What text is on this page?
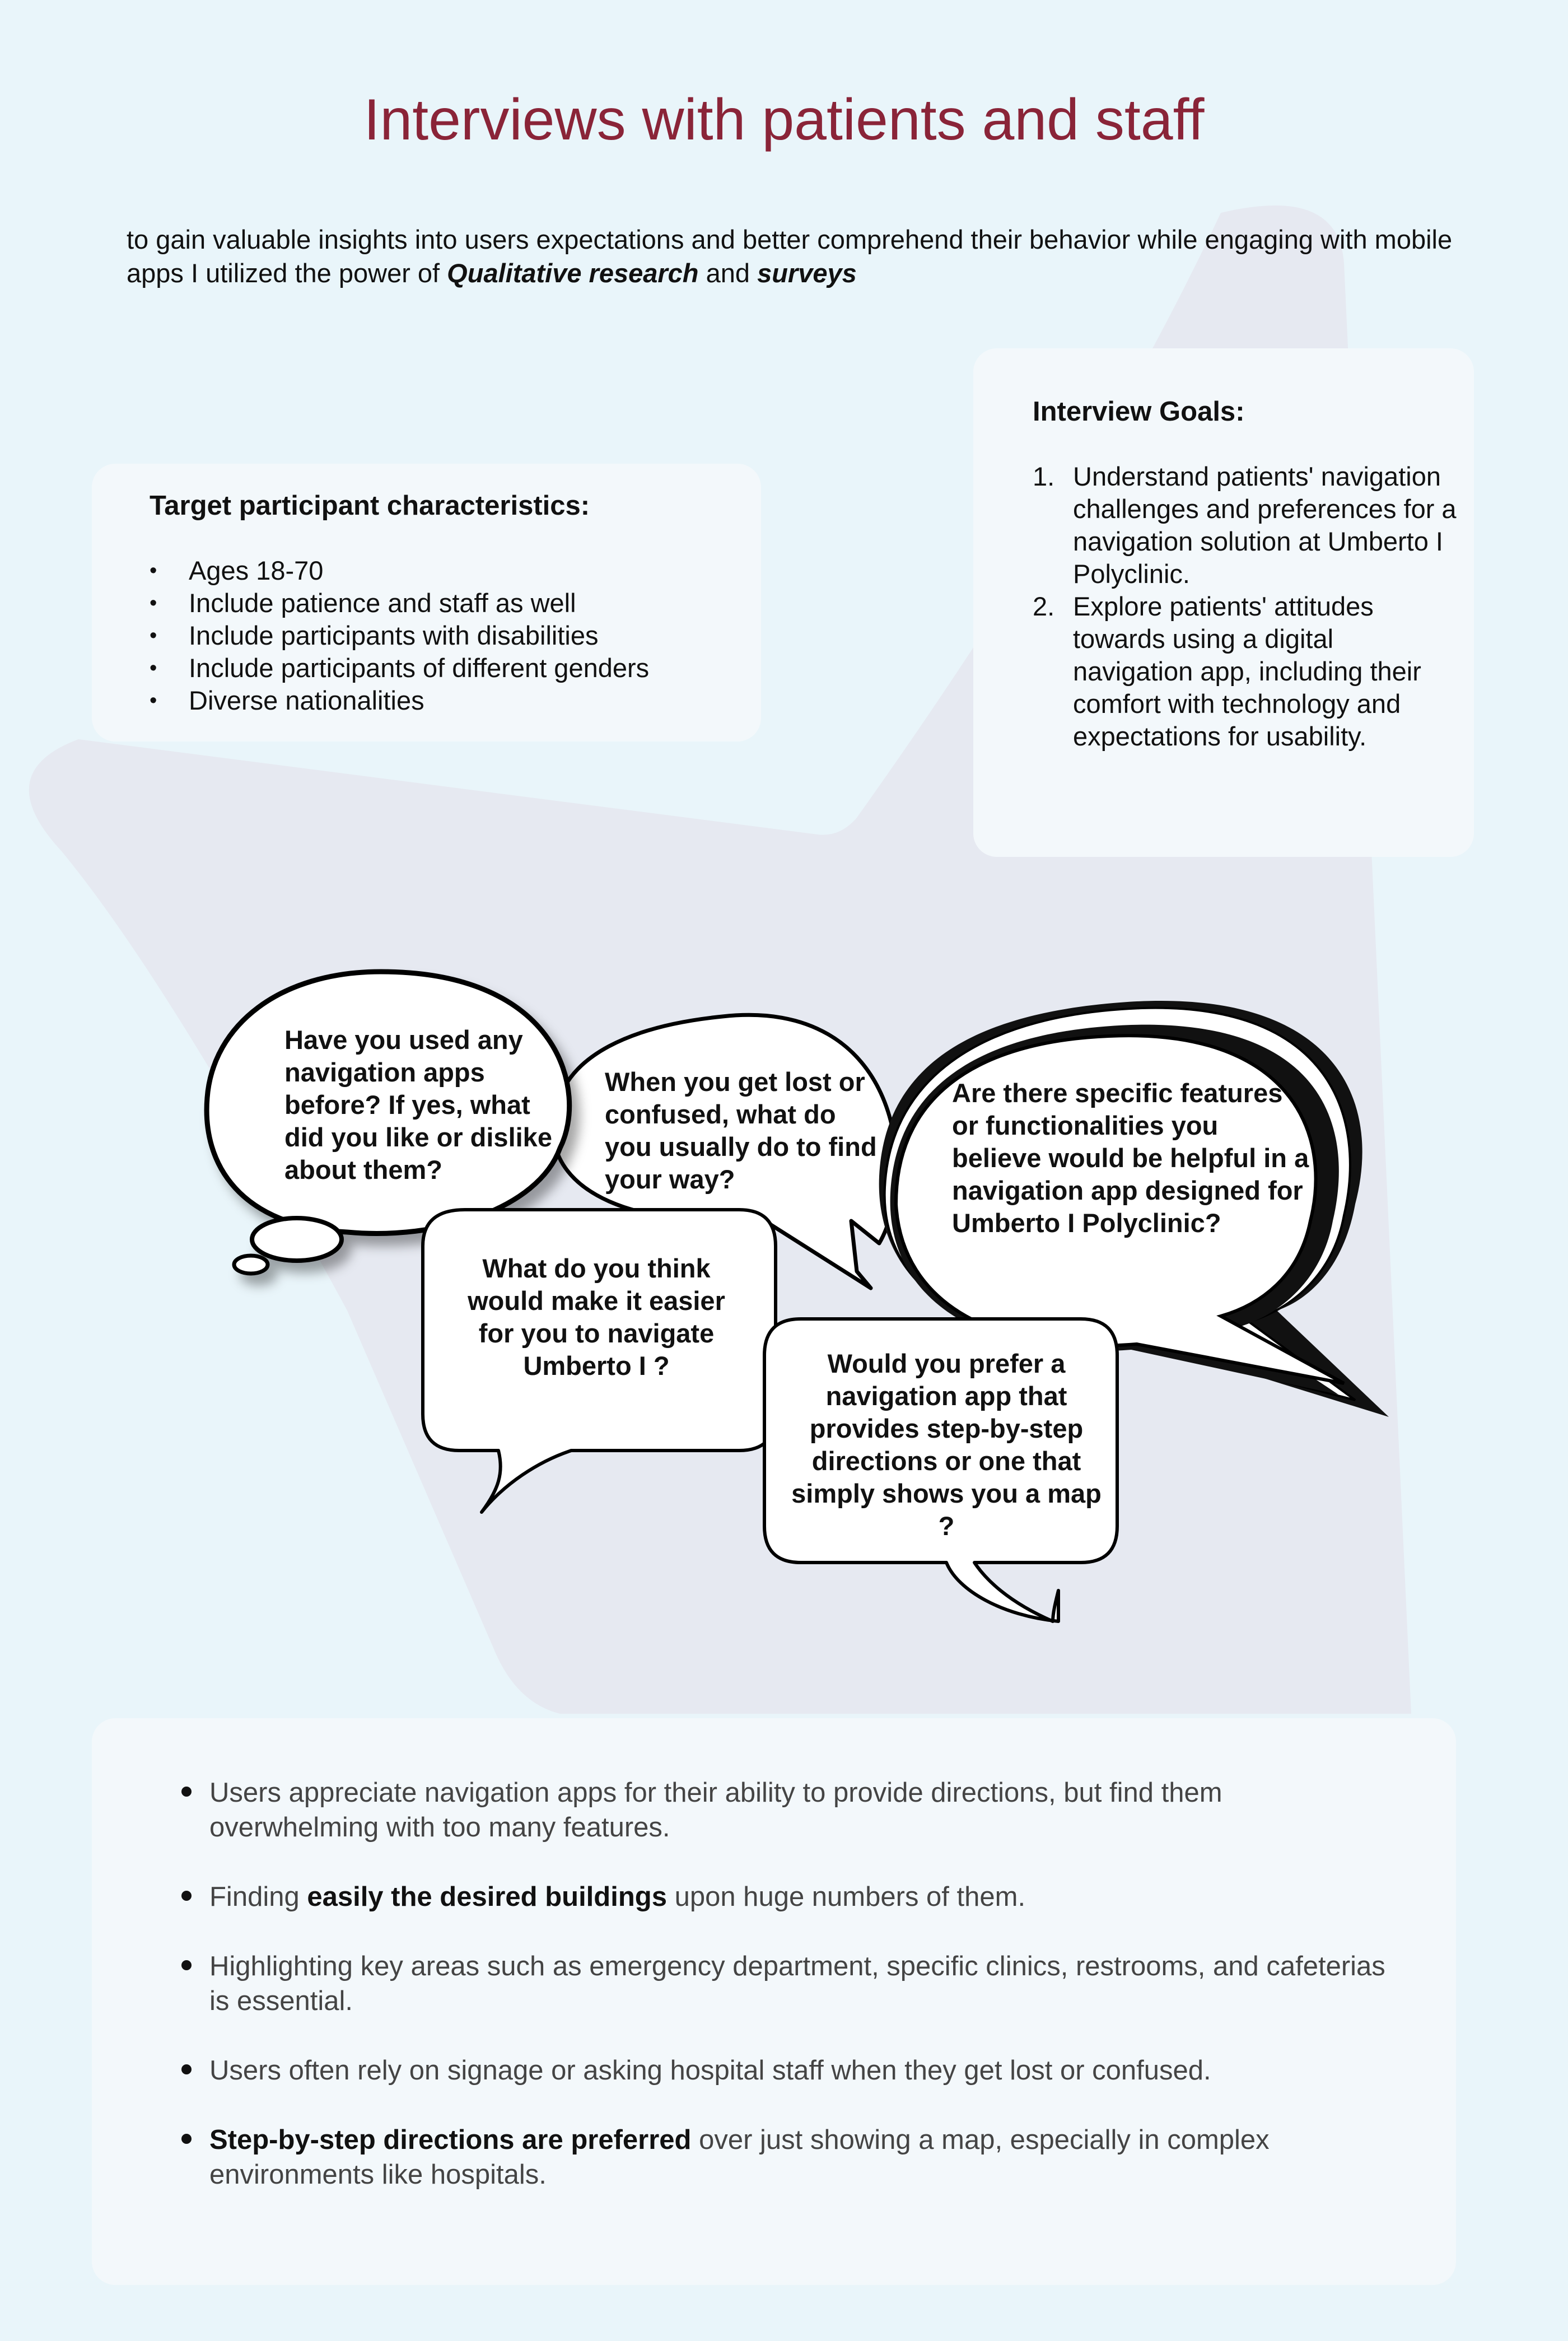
Interviews with patients and staff

to gain valuable insights into users expectations and better comprehend their behavior while engaging with mobile apps I utilized the power of Qualitative research and surveys

Target participant characteristics:
• Ages 18-70
• Include patience and staff as well
• Include participants with disabilities
• Include participants of different genders
• Diverse nationalities
Interview Goals:
1. Understand patients' navigation challenges and preferences for a navigation solution at Umberto I Polyclinic.
2. Explore patients' attitudes towards using a digital navigation app, including their comfort with technology and expectations for usability.

Have you used any navigation apps before? If yes, what did you like or dislike about them?

When you get lost or confused, what do you usually do to find your way?

Are there specific features or functionalities you believe would be helpful in a navigation app designed for Umberto I Polyclinic?

What do you think would make it easier for you to navigate Umberto I ?	Would you prefer a navigation app that provides step-by-step directions or one that simply shows you a map ?

Users appreciate navigation apps for their ability to provide directions, but find them overwhelming with too many features.
Finding easily the desired buildings upon huge numbers of them.
Highlighting key areas such as emergency department, specific clinics, restrooms, and cafeterias is essential.
Users often rely on signage or asking hospital staff when they get lost or confused.
Step-by-step directions are preferred over just showing a map, especially in complex environments like hospitals.
